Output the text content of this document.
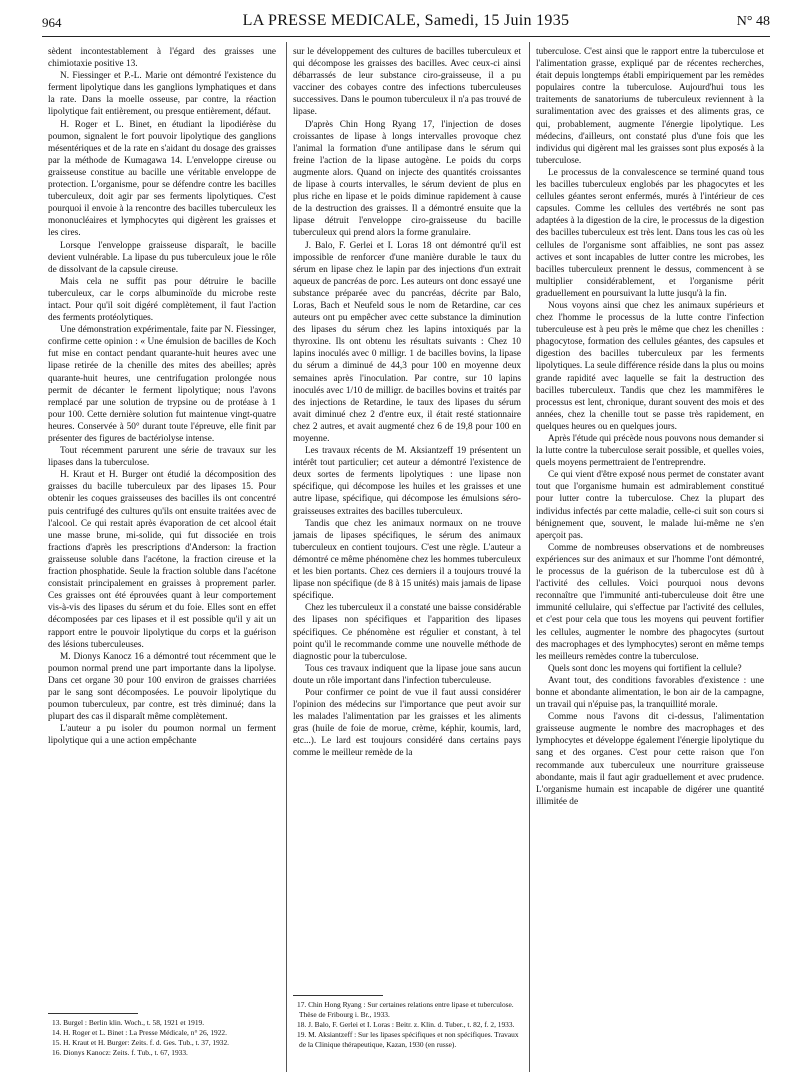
964	LA PRESSE MEDICALE, Samedi, 15 Juin 1935	N° 48

sèdent incontestablement à l'égard des graisses une chimiotaxie positive 13.

N. Fiessinger et P.-L. Marie ont démontré l'existence du ferment lipolytique dans les ganglions lymphatiques et dans la rate. Dans la moelle osseuse, par contre, la réaction lipolytique fait entièrement, ou presque entièrement, défaut.

H. Roger et L. Binet, en étudiant la lipodiérèse du poumon, signalent le fort pouvoir lipolytique des ganglions mésentériques et de la rate en s'aidant du dosage des graisses par la méthode de Kumagawa 14. L'enveloppe cireuse ou graisseuse constitue au bacille une véritable enveloppe de protection. L'organisme, pour se défendre contre les bacilles tuberculeux, doit agir par ses ferments lipolytiques. C'est pourquoi il envoie à la rencontre des bacilles tuberculeux les mononucléaires et lymphocytes qui digèrent les graisses et les cires.

Lorsque l'enveloppe graisseuse disparaît, le bacille devient vulnérable. La lipase du pus tuberculeux joue le rôle de dissolvant de la capsule cireuse.

Mais cela ne suffit pas pour détruire le bacille tuberculeux, car le corps albuminoïde du microbe reste intact. Pour qu'il soit digéré complètement, il faut l'action des ferments protéolytiques.

Une démonstration expérimentale, faite par N. Fiessinger, confirme cette opinion : « Une émulsion de bacilles de Koch fut mise en contact pendant quarante-huit heures avec une lipase retirée de la chenille des mites des abeilles; après quarante-huit heures, une centrifugation prolongée nous permit de décanter le ferment lipolytique; nous l'avons remplacé par une solution de trypsine ou de protéase à 1 pour 100. Cette dernière solution fut maintenue vingt-quatre heures. Conservée à 50° durant toute l'épreuve, elle finit par présenter des figures de bactériolyse intense.

Tout récemment parurent une série de travaux sur les lipases dans la tuberculose.

H. Kraut et H. Burger ont étudié la décomposition des graisses du bacille tuberculeux par des lipases 15. Pour obtenir les coques graisseuses des bacilles ils ont concentré puis centrifugé des cultures qu'ils ont ensuite traitées avec de l'alcool. Ce qui restait après évaporation de cet alcool était une masse brune, mi-solide, qui fut dissociée en trois fractions d'après les prescriptions d'Anderson: la fraction graisseuse soluble dans l'acétone, la fraction cireuse et la fraction phosphatide. Seule la fraction soluble dans l'acétone consistait principalement en graisses à proprement parler. Ces graisses ont été éprouvées quant à leur comportement vis-à-vis des lipases du sérum et du foie. Elles sont en effet décomposées par ces lipases et il est possible qu'il y ait un rapport entre le pouvoir lipolytique du corps et la guérison des lésions tuberculeuses.

M. Dionys Kanocz 16 a démontré tout récemment que le poumon normal prend une part importante dans la lipolyse. Dans cet organe 30 pour 100 environ de graisses charriées par le sang sont décomposées. Le pouvoir lipolytique du poumon tuberculeux, par contre, est très diminué; dans la plupart des cas il disparaît même complètement.

L'auteur a pu isoler du poumon normal un ferment lipolytique qui a une action empêchante

sur le développement des cultures de bacilles tuberculeux et qui décompose les graisses des bacilles. Avec ceux-ci ainsi débarrassés de leur substance ciro-graisseuse, il a pu vacciner des cobayes contre des infections tuberculeuses successives. Dans le poumon tuberculeux il n'a pas trouvé de lipase.

D'après Chin Hong Ryang 17, l'injection de doses croissantes de lipase à longs intervalles provoque chez l'animal la formation d'une antilipase dans le sérum qui freine l'action de la lipase autogène. Le poids du corps augmente alors. Quand on injecte des quantités croissantes de lipase à courts intervalles, le sérum devient de plus en plus riche en lipase et le poids diminue rapidement à cause de la destruction des graisses. Il a démontré ensuite que la lipase détruit l'enveloppe ciro-graisseuse du bacille tuberculeux qui prend alors la forme granulaire.

J. Balo, F. Gerlei et I. Loras 18 ont démontré qu'il est impossible de renforcer d'une manière durable le taux du sérum en lipase chez le lapin par des injections d'un extrait aqueux de pancréas de porc. Les auteurs ont donc essayé une substance préparée avec du pancréas, décrite par Balo, Loras, Bach et Neufeld sous le nom de Retardine, car ces auteurs ont pu empêcher avec cette substance la diminution des lipases du sérum chez les lapins intoxiqués par la thyroxine. Ils ont obtenu les résultats suivants : Chez 10 lapins inoculés avec 0 milligr. 1 de bacilles bovins, la lipase du sérum a diminué de 44,3 pour 100 en moyenne deux semaines après l'inoculation. Par contre, sur 10 lapins inoculés avec 1/10 de milligr. de bacilles bovins et traités par des injections de Retardine, le taux des lipases du sérum avait diminué chez 2 d'entre eux, il était resté stationnaire chez 2 autres, et avait augmenté chez 6 de 19,8 pour 100 en moyenne.

Les travaux récents de M. Aksiantzeff 19 présentent un intérêt tout particulier; cet auteur a démontré l'existence de deux sortes de ferments lipolytiques : une lipase non spécifique, qui décompose les huiles et les graisses et une autre lipase, spécifique, qui décompose les émulsions séro-graisseuses extraites des bacilles tuberculeux.

Tandis que chez les animaux normaux on ne trouve jamais de lipases spécifiques, le sérum des animaux tuberculeux en contient toujours. C'est une règle. L'auteur a démontré ce même phénomène chez les hommes tuberculeux et les bien portants. Chez ces derniers il a toujours trouvé la lipase non spécifique (de 8 à 15 unités) mais jamais de lipase spécifique.

Chez les tuberculeux il a constaté une baisse considérable des lipases non spécifiques et l'apparition des lipases spécifiques. Ce phénomène est régulier et constant, à tel point qu'il le recommande comme une nouvelle méthode de diagnostic pour la tuberculose.

Tous ces travaux indiquent que la lipase joue sans aucun doute un rôle important dans l'infection tuberculeuse.

Pour confirmer ce point de vue il faut aussi considérer l'opinion des médecins sur l'importance que peut avoir sur les malades l'alimentation par les graisses et les aliments gras (huile de foie de morue, crème, képhir, koumis, lard, etc...). Le lard est toujours considéré dans certains pays comme le meilleur remède de la

tuberculose. C'est ainsi que le rapport entre la tuberculose et l'alimentation grasse, expliqué par de récentes recherches, était depuis longtemps établi empiriquement par les remèdes populaires contre la tuberculose. Aujourd'hui tous les traitements de sanatoriums de tuberculeux reviennent à la suralimentation avec des graisses et des aliments gras, ce qui, probablement, augmente l'énergie lipolytique. Les médecins, d'ailleurs, ont constaté plus d'une fois que les individus qui digèrent mal les graisses sont plus exposés à la tuberculose.

Le processus de la convalescence se terminé quand tous les bacilles tuberculeux englobés par les phagocytes et les cellules géantes seront enfermés, murés à l'intérieur de ces capsules. Comme les cellules des vertébrés ne sont pas adaptées à la digestion de la cire, le processus de la digestion des bacilles tuberculeux est très lent. Dans tous les cas où les cellules de l'organisme sont affaiblies, ne sont pas assez actives et sont incapables de lutter contre les microbes, les bacilles tuberculeux prennent le dessus, commencent à se multiplier considérablement, et l'organisme périt graduellement en poursuivant la lutte jusqu'à la fin.

Nous voyons ainsi que chez les animaux supérieurs et chez l'homme le processus de la lutte contre l'infection tuberculeuse est à peu près le même que chez les chenilles : phagocytose, formation des cellules géantes, des capsules et digestion des bacilles tuberculeux par les ferments lipolytiques. La seule différence réside dans la plus ou moins grande rapidité avec laquelle se fait la destruction des bacilles tuberculeux. Tandis que chez les mammifères le processus est lent, chronique, durant souvent des mois et des années, chez la chenille tout se passe très rapidement, en quelques heures ou en quelques jours.

Après l'étude qui précède nous pouvons nous demander si la lutte contre la tuberculose serait possible, et quelles voies, quels moyens permettraient de l'entreprendre.

Ce qui vient d'être exposé nous permet de constater avant tout que l'organisme humain est admirablement constitué pour lutter contre la tuberculose. Chez la plupart des individus infectés par cette maladie, celle-ci suit son cours si bénignement que, souvent, le malade lui-même ne s'en aperçoit pas.

Comme de nombreuses observations et de nombreuses expériences sur des animaux et sur l'homme l'ont démontré, le processus de la guérison de la tuberculose est dû à l'activité des cellules. Voici pourquoi nous devons reconnaître que l'immunité anti-tuberculeuse doit être une immunité cellulaire, qui s'effectue par l'activité des cellules, et c'est pour cela que tous les moyens qui peuvent fortifier les cellules, augmenter le nombre des phagocytes (surtout des macrophages et des lymphocytes) seront en même temps les meilleurs remèdes contre la tuberculose.

Quels sont donc les moyens qui fortifient la cellule?

Avant tout, des conditions favorables d'existence : une bonne et abondante alimentation, le bon air de la campagne, un travail qui n'épuise pas, la tranquillité morale.

Comme nous l'avons dit ci-dessus, l'alimentation graisseuse augmente le nombre des macrophages et des lymphocytes et développe également l'énergie lipolytique du sang et des organes. C'est pour cette raison que l'on recommande aux tuberculeux une nourriture graisseuse abondante, mais il faut agir graduellement et avec prudence. L'organisme humain est incapable de digérer une quantité illimitée de

13. Burgel : Berlin klin. Woch., t. 58, 1921 et 1919.
14. H. Roger et L. Binet : La Presse Médicale, n° 26, 1922.
15. H. Kraut et H. Burger: Zeits. f. d. Ges. Tub., t. 37, 1932.
16. Dionys Kanocz: Zeits. f. Tub., t. 67, 1933.
17. Chin Hong Ryang : Sur certaines relations entre lipase et tuberculose. Thèse de Fribourg i. Br., 1933.
18. J. Balo, F. Gerlei et I. Loras : Beitr. z. Klin. d. Tuber., t. 82, f. 2, 1933.
19. M. Aksiantzeff : Sur les lipases spécifiques et non spécifiques. Travaux de la Clinique thérapeutique, Kazan, 1930 (en russe).
